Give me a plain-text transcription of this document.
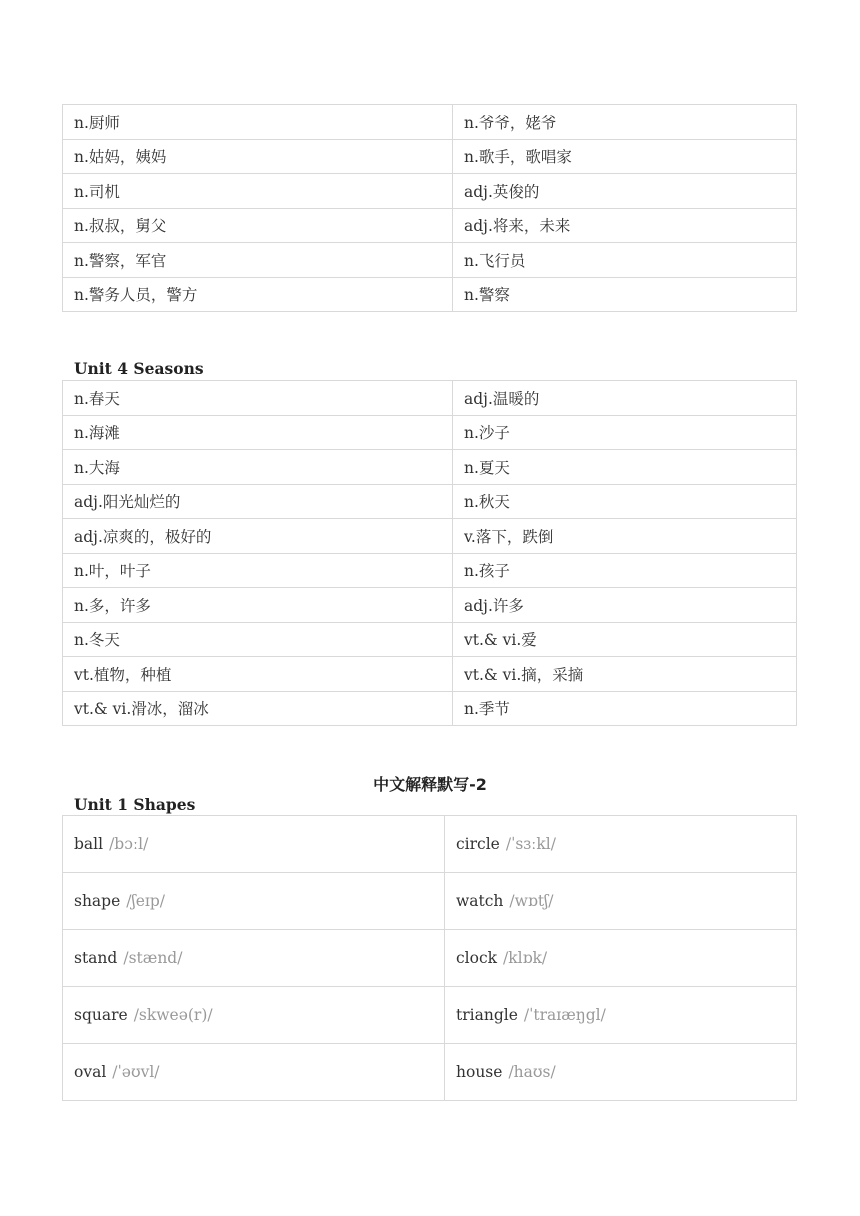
n.厨师	n.爷爷，姥爷
n.姑妈，姨妈	n.歌手，歌唱家
n.司机	adj.英俊的
n.叔叔，舅父	adj.将来，未来
n.警察，军官	n.飞行员
n.警务人员，警方	n.警察
Unit 4 Seasons
n.春天	adj.温暖的
n.海滩	n.沙子
n.大海	n.夏天
adj.阳光灿烂的	n.秋天
adj.凉爽的，极好的	v.落下，跌倒
n.叶，叶子	n.孩子
n.多，许多	adj.许多
n.冬天	vt.& vi.爱
vt.植物，种植	vt.& vi.摘，采摘
vt.& vi.滑冰，溜冰	n.季节
中文解释默写-2
Unit 1 Shapes
ball /bɔːl/	circle /ˈsɜːkl/
shape /ʃeɪp/	watch /wɒtʃ/
stand /stænd/	clock /klɒk/
square /skweə(r)/	triangle /ˈtraɪæŋgl/
oval /ˈəʊvl/	house /haʊs/
